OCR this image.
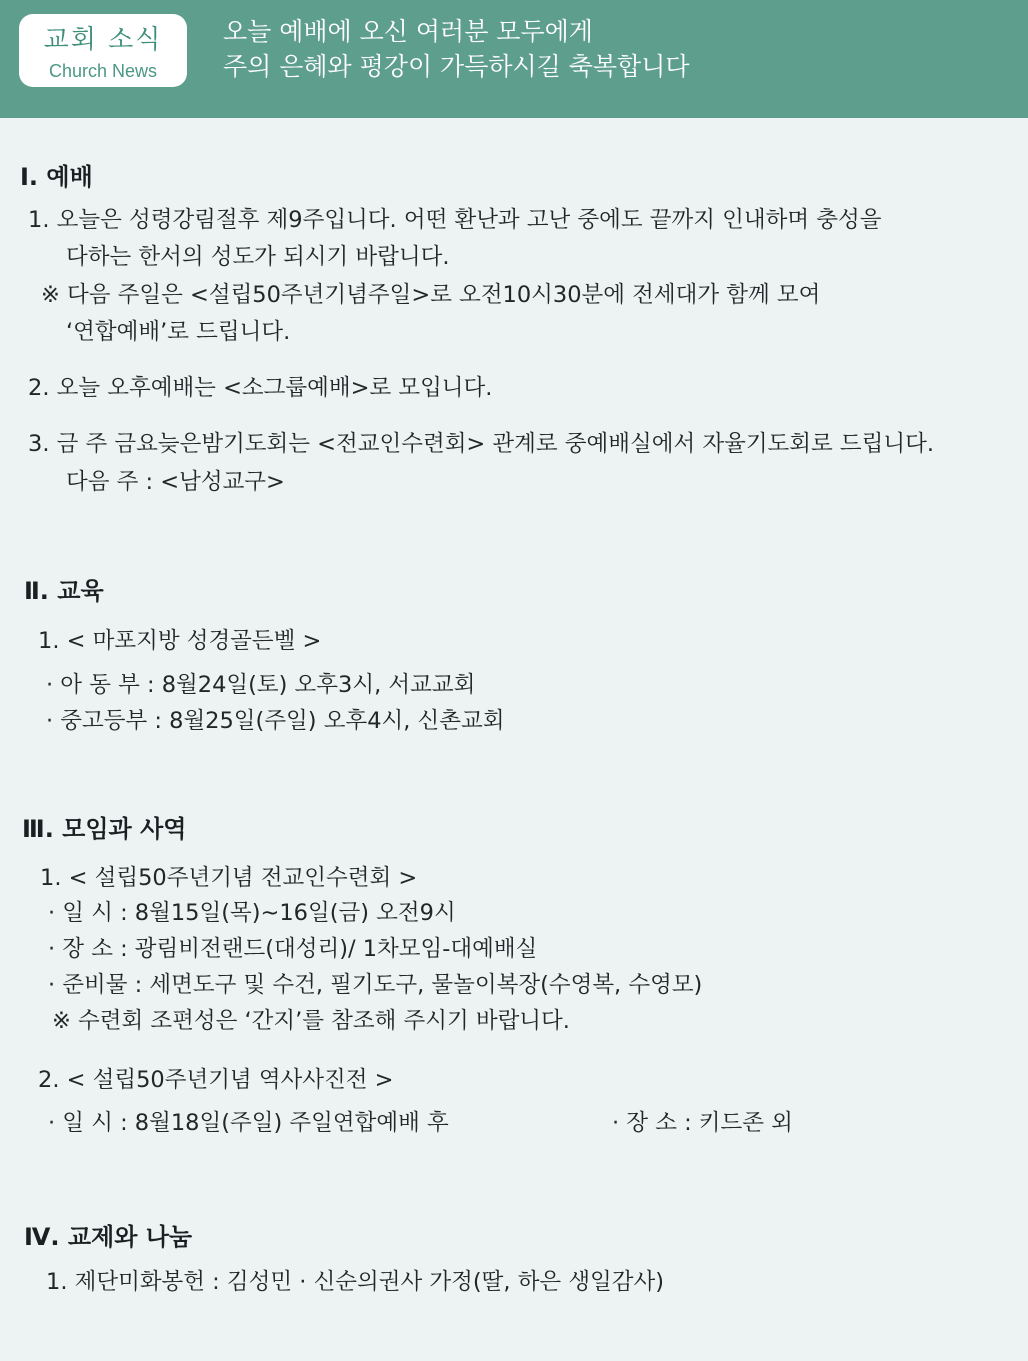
교회 소식
Church News
오늘 예배에 오신 여러분 모두에게
주의 은혜와 평강이 가득하시길 축복합니다
Ⅰ. 예배
1. 오늘은 성령강림절후 제9주입니다. 어떤 환난과 고난 중에도 끝까지 인내하며 충성을
다하는 한서의 성도가 되시기 바랍니다.
※ 다음 주일은 <설립50주년기념주일>로 오전10시30분에 전세대가 함께 모여
‘연합예배’로 드립니다.
2. 오늘 오후예배는 <소그룹예배>로 모입니다.
3. 금 주 금요늦은밤기도회는 <전교인수련회> 관계로 중예배실에서 자율기도회로 드립니다.
다음 주 : <남성교구>
Ⅱ. 교육
1. < 마포지방 성경골든벨 >
· 아 동 부 : 8월24일(토) 오후3시, 서교교회
· 중고등부 : 8월25일(주일) 오후4시, 신촌교회
Ⅲ. 모임과 사역
1. < 설립50주년기념 전교인수련회 >
· 일 시 : 8월15일(목)~16일(금) 오전9시
· 장 소 : 광림비전랜드(대성리)/ 1차모임-대예배실
· 준비물 : 세면도구 및 수건, 필기도구, 물놀이복장(수영복, 수영모)
※ 수련회 조편성은 ‘간지’를 참조해 주시기 바랍니다.
2. < 설립50주년기념 역사사진전 >
· 일 시 : 8월18일(주일) 주일연합예배 후	· 장 소 : 키드존 외
Ⅳ. 교제와 나눔
1. 제단미화봉헌 : 김성민 · 신순의권사 가정(딸, 하은 생일감사)
